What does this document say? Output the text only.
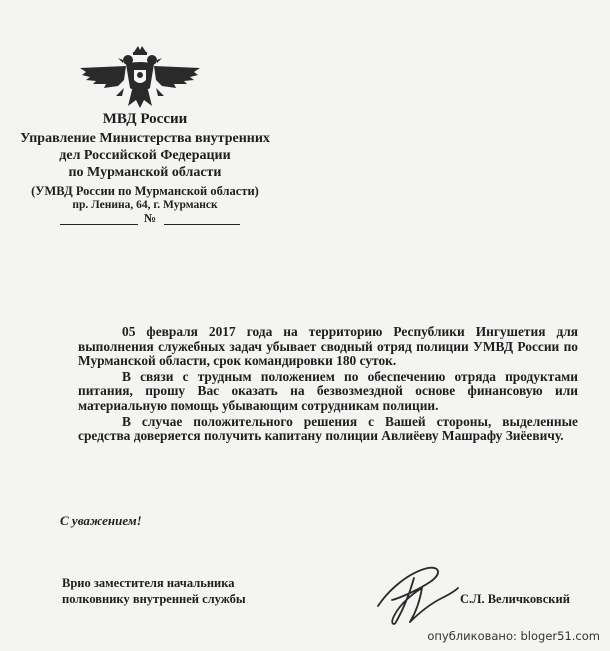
МВД России
Управление Министерства внутренних
дел Российской Федерации
по Мурманской области
(УМВД России по Мурманской области)
пр. Ленина, 64, г. Мурманск
№

05 февраля 2017 года на территорию Республики Ингушетия для выполнения служебных задач убывает сводный отряд полиции УМВД России по Мурманской области, срок командировки 180 суток.

В связи с трудным положением по обеспечению отряда продуктами питания, прошу Вас оказать на безвозмездной основе финансовую или материальную помощь убывающим сотрудникам полиции.

В случае положительного решения с Вашей стороны, выделенные средства доверяется получить капитану полиции Авлиёеву Машрафу Зиёевичу.

С уважением!
Врио заместителя начальника
полковнику внутренней службы	С.Л. Величковский
опубликовано: bloger51.com
